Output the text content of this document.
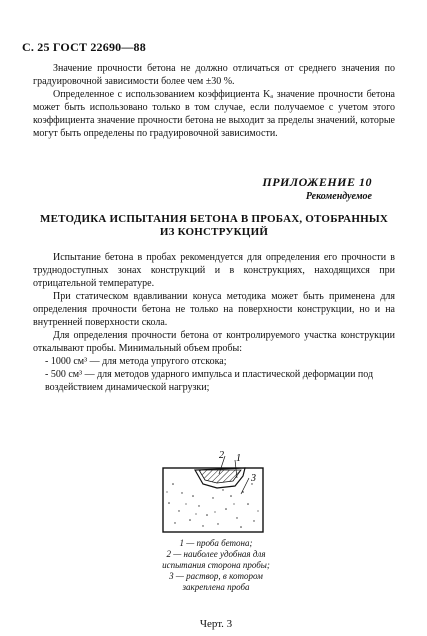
С. 25 ГОСТ 22690—88
Значение прочности бетона не должно отличаться от среднего значения по градуировочной зависимости более чем ±30 %.
Определенное с использованием коэффициента Kₐ значение прочности бетона может быть использовано только в том случае, если получаемое с учетом этого коэффициента значение прочности бетона не выходит за пределы значений, которые могут быть определены по градуировочной зависимости.
ПРИЛОЖЕНИЕ 10
Рекомендуемое
МЕТОДИКА ИСПЫТАНИЯ БЕТОНА В ПРОБАХ, ОТОБРАННЫХ
ИЗ КОНСТРУКЦИЙ
Испытание бетона в пробах рекомендуется для определения его прочности в труднодоступных зонах конструкций и в конструкциях, находящихся при отрицательной температуре.
При статическом вдавливании конуса методика может быть применена для определения прочности бетона не только на поверхности конструкции, но и на внутренней поверхности скола.
Для определения прочности бетона от контролируемого участка конструкции откалывают пробы. Минимальный объем пробы:
- 1000 см³ — для метода упругого отскока;
- 500 см³ — для методов ударного импульса и пластической деформации под воздействием динамической нагрузки;
2 1
3
1 — проба бетона;
2 — наиболее удобная для испытания сторона пробы;
3 — раствор, в котором закреплена проба
Черт. 3
